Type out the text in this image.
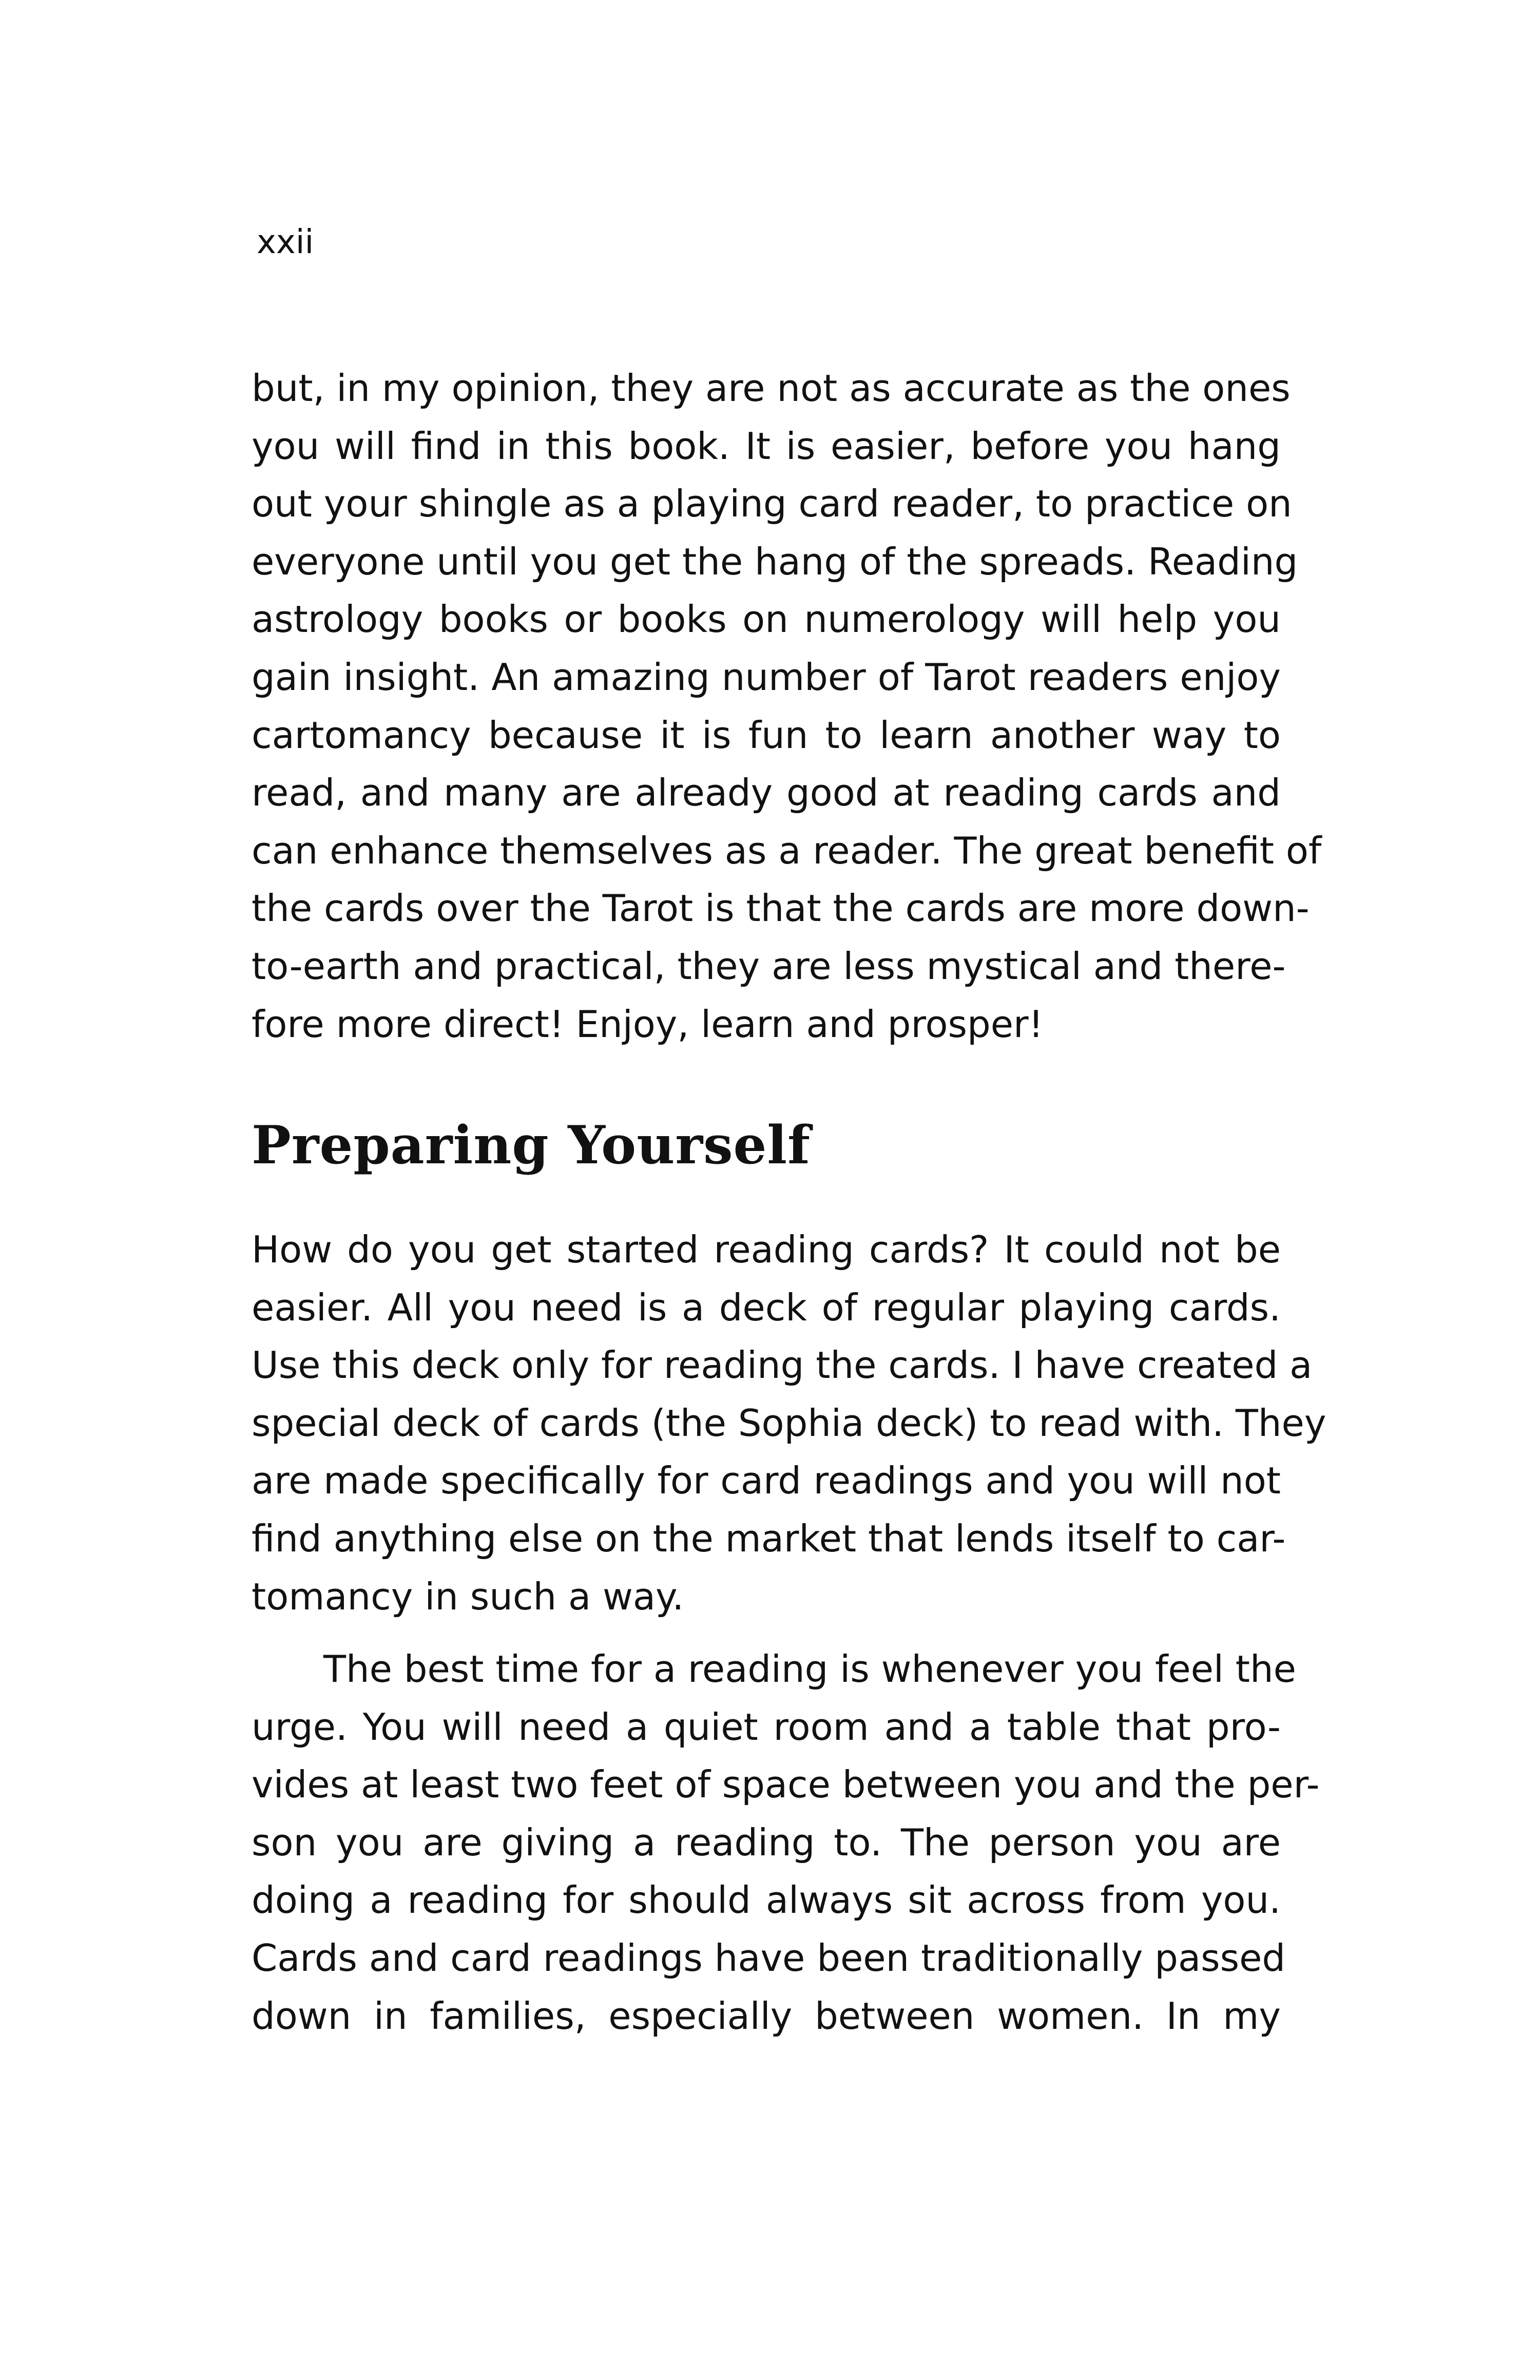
xxii
but, in my opinion, they are not as accurate as the ones
you will find in this book. It is easier, before you hang
out your shingle as a playing card reader, to practice on
everyone until you get the hang of the spreads. Reading
astrology books or books on numerology will help you
gain insight. An amazing number of Tarot readers enjoy
cartomancy because it is fun to learn another way to
read, and many are already good at reading cards and
can enhance themselves as a reader. The great benefit of
the cards over the Tarot is that the cards are more down-
to-earth and practical, they are less mystical and there-
fore more direct! Enjoy, learn and prosper!
Preparing Yourself
How do you get started reading cards? It could not be
easier. All you need is a deck of regular playing cards.
Use this deck only for reading the cards. I have created a
special deck of cards (the Sophia deck) to read with. They
are made specifically for card readings and you will not
find anything else on the market that lends itself to car-
tomancy in such a way.
The best time for a reading is whenever you feel the
urge. You will need a quiet room and a table that pro-
vides at least two feet of space between you and the per-
son you are giving a reading to. The person you are
doing a reading for should always sit across from you.
Cards and card readings have been traditionally passed
down in families, especially between women. In my
